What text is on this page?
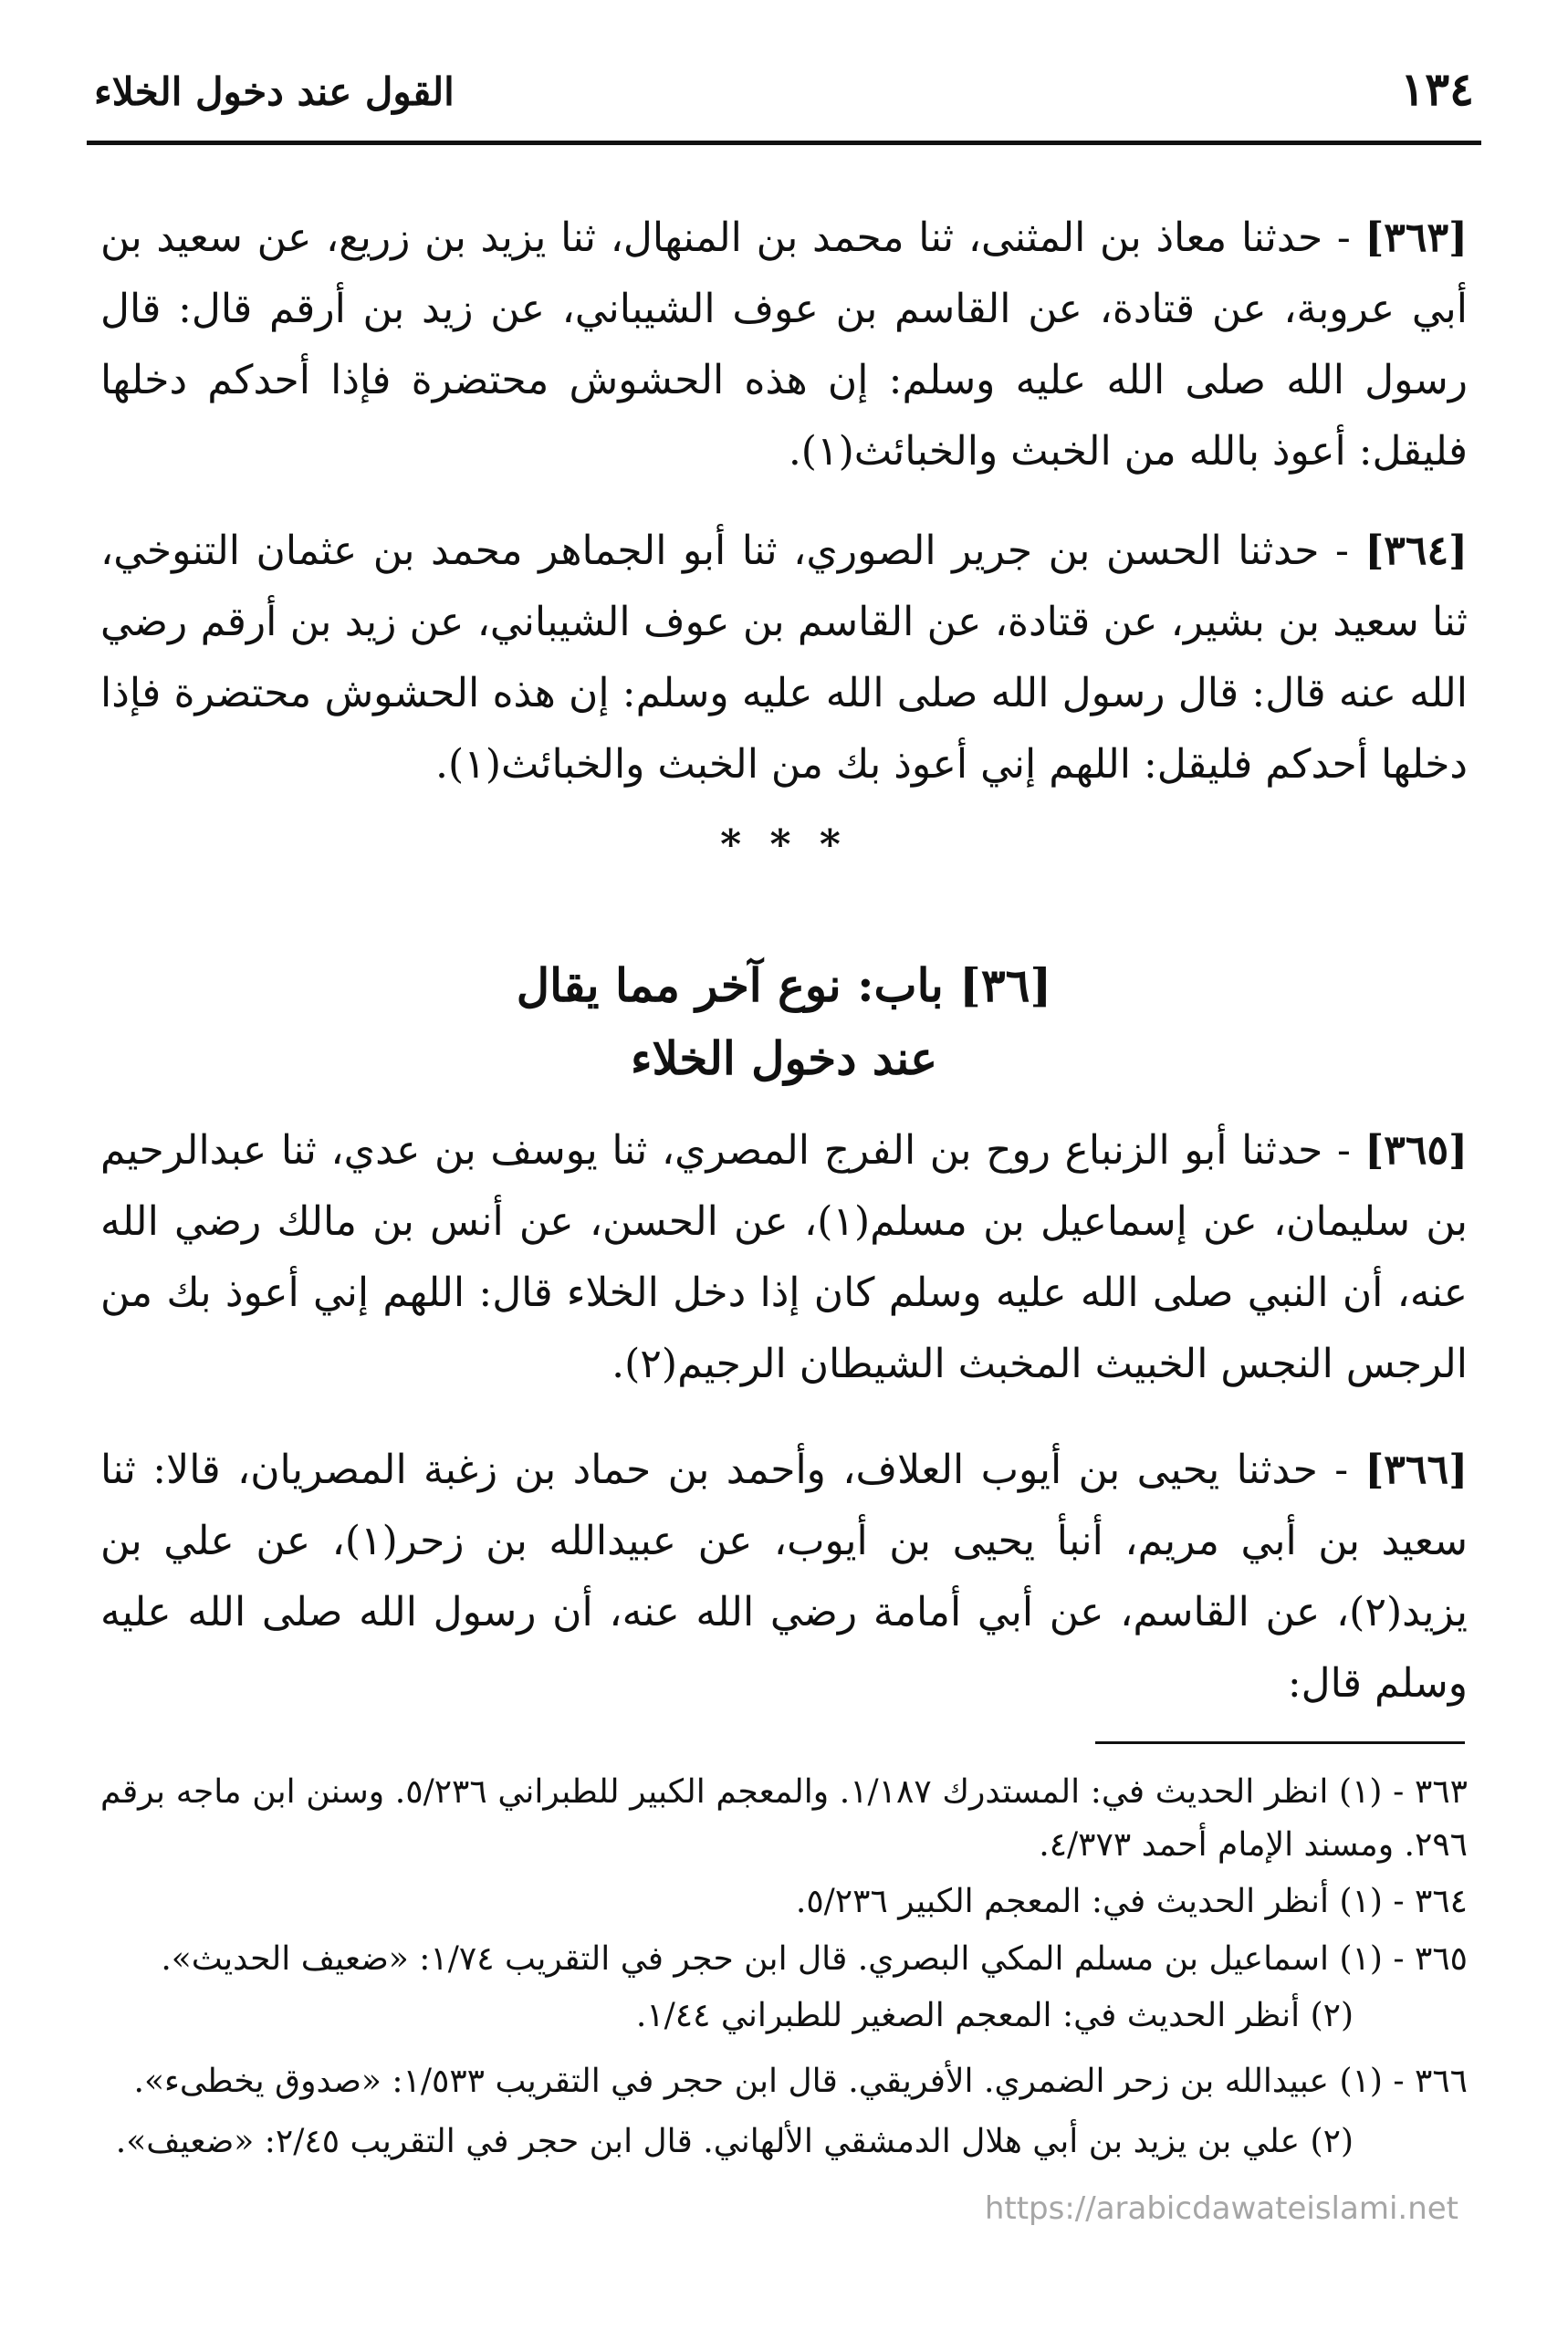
١٣٤
القول عند دخول الخلاء
[٣٦٣] - حدثنا معاذ بن المثنى، ثنا محمد بن المنهال، ثنا يزيد بن زريع، عن سعيد بن أبي عروبة، عن قتادة، عن القاسم بن عوف الشيباني، عن زيد بن أرقم قال: قال رسول الله صلى الله عليه وسلم: إن هذه الحشوش محتضرة فإذا أحدكم دخلها فليقل: أعوذ بالله من الخبث والخبائث(١).
[٣٦٤] - حدثنا الحسن بن جرير الصوري، ثنا أبو الجماهر محمد بن عثمان التنوخي، ثنا سعيد بن بشير، عن قتادة، عن القاسم بن عوف الشيباني، عن زيد بن أرقم رضي الله عنه قال: قال رسول الله صلى الله عليه وسلم: إن هذه الحشوش محتضرة فإذا دخلها أحدكم فليقل: اللهم إني أعوذ بك من الخبث والخبائث(١).
* * *
[٣٦] باب: نوع آخر مما يقال
عند دخول الخلاء
[٣٦٥] - حدثنا أبو الزنباع روح بن الفرج المصري، ثنا يوسف بن عدي، ثنا عبدالرحيم بن سليمان، عن إسماعيل بن مسلم(١)، عن الحسن، عن أنس بن مالك رضي الله عنه، أن النبي صلى الله عليه وسلم كان إذا دخل الخلاء قال: اللهم إني أعوذ بك من الرجس النجس الخبيث المخبث الشيطان الرجيم(٢).
[٣٦٦] - حدثنا يحيى بن أيوب العلاف، وأحمد بن حماد بن زغبة المصريان، قالا: ثنا سعيد بن أبي مريم، أنبأ يحيى بن أيوب، عن عبيدالله بن زحر(١)، عن علي بن يزيد(٢)، عن القاسم، عن أبي أمامة رضي الله عنه، أن رسول الله صلى الله عليه وسلم قال:
٣٦٣ - (١) انظر الحديث في: المستدرك ١/١٨٧. والمعجم الكبير للطبراني ٥/٢٣٦. وسنن ابن ماجه برقم ٢٩٦. ومسند الإمام أحمد ٤/٣٧٣.
٣٦٤ - (١) أنظر الحديث في: المعجم الكبير ٥/٢٣٦.
٣٦٥ - (١) اسماعيل بن مسلم المكي البصري. قال ابن حجر في التقريب ١/٧٤: «ضعيف الحديث».
(٢) أنظر الحديث في: المعجم الصغير للطبراني ١/٤٤.
٣٦٦ - (١) عبيدالله بن زحر الضمري. الأفريقي. قال ابن حجر في التقريب ١/٥٣٣: «صدوق يخطىء».
(٢) علي بن يزيد بن أبي هلال الدمشقي الألهاني. قال ابن حجر في التقريب ٢/٤٥: «ضعيف».
https://arabicdawateislami.net
